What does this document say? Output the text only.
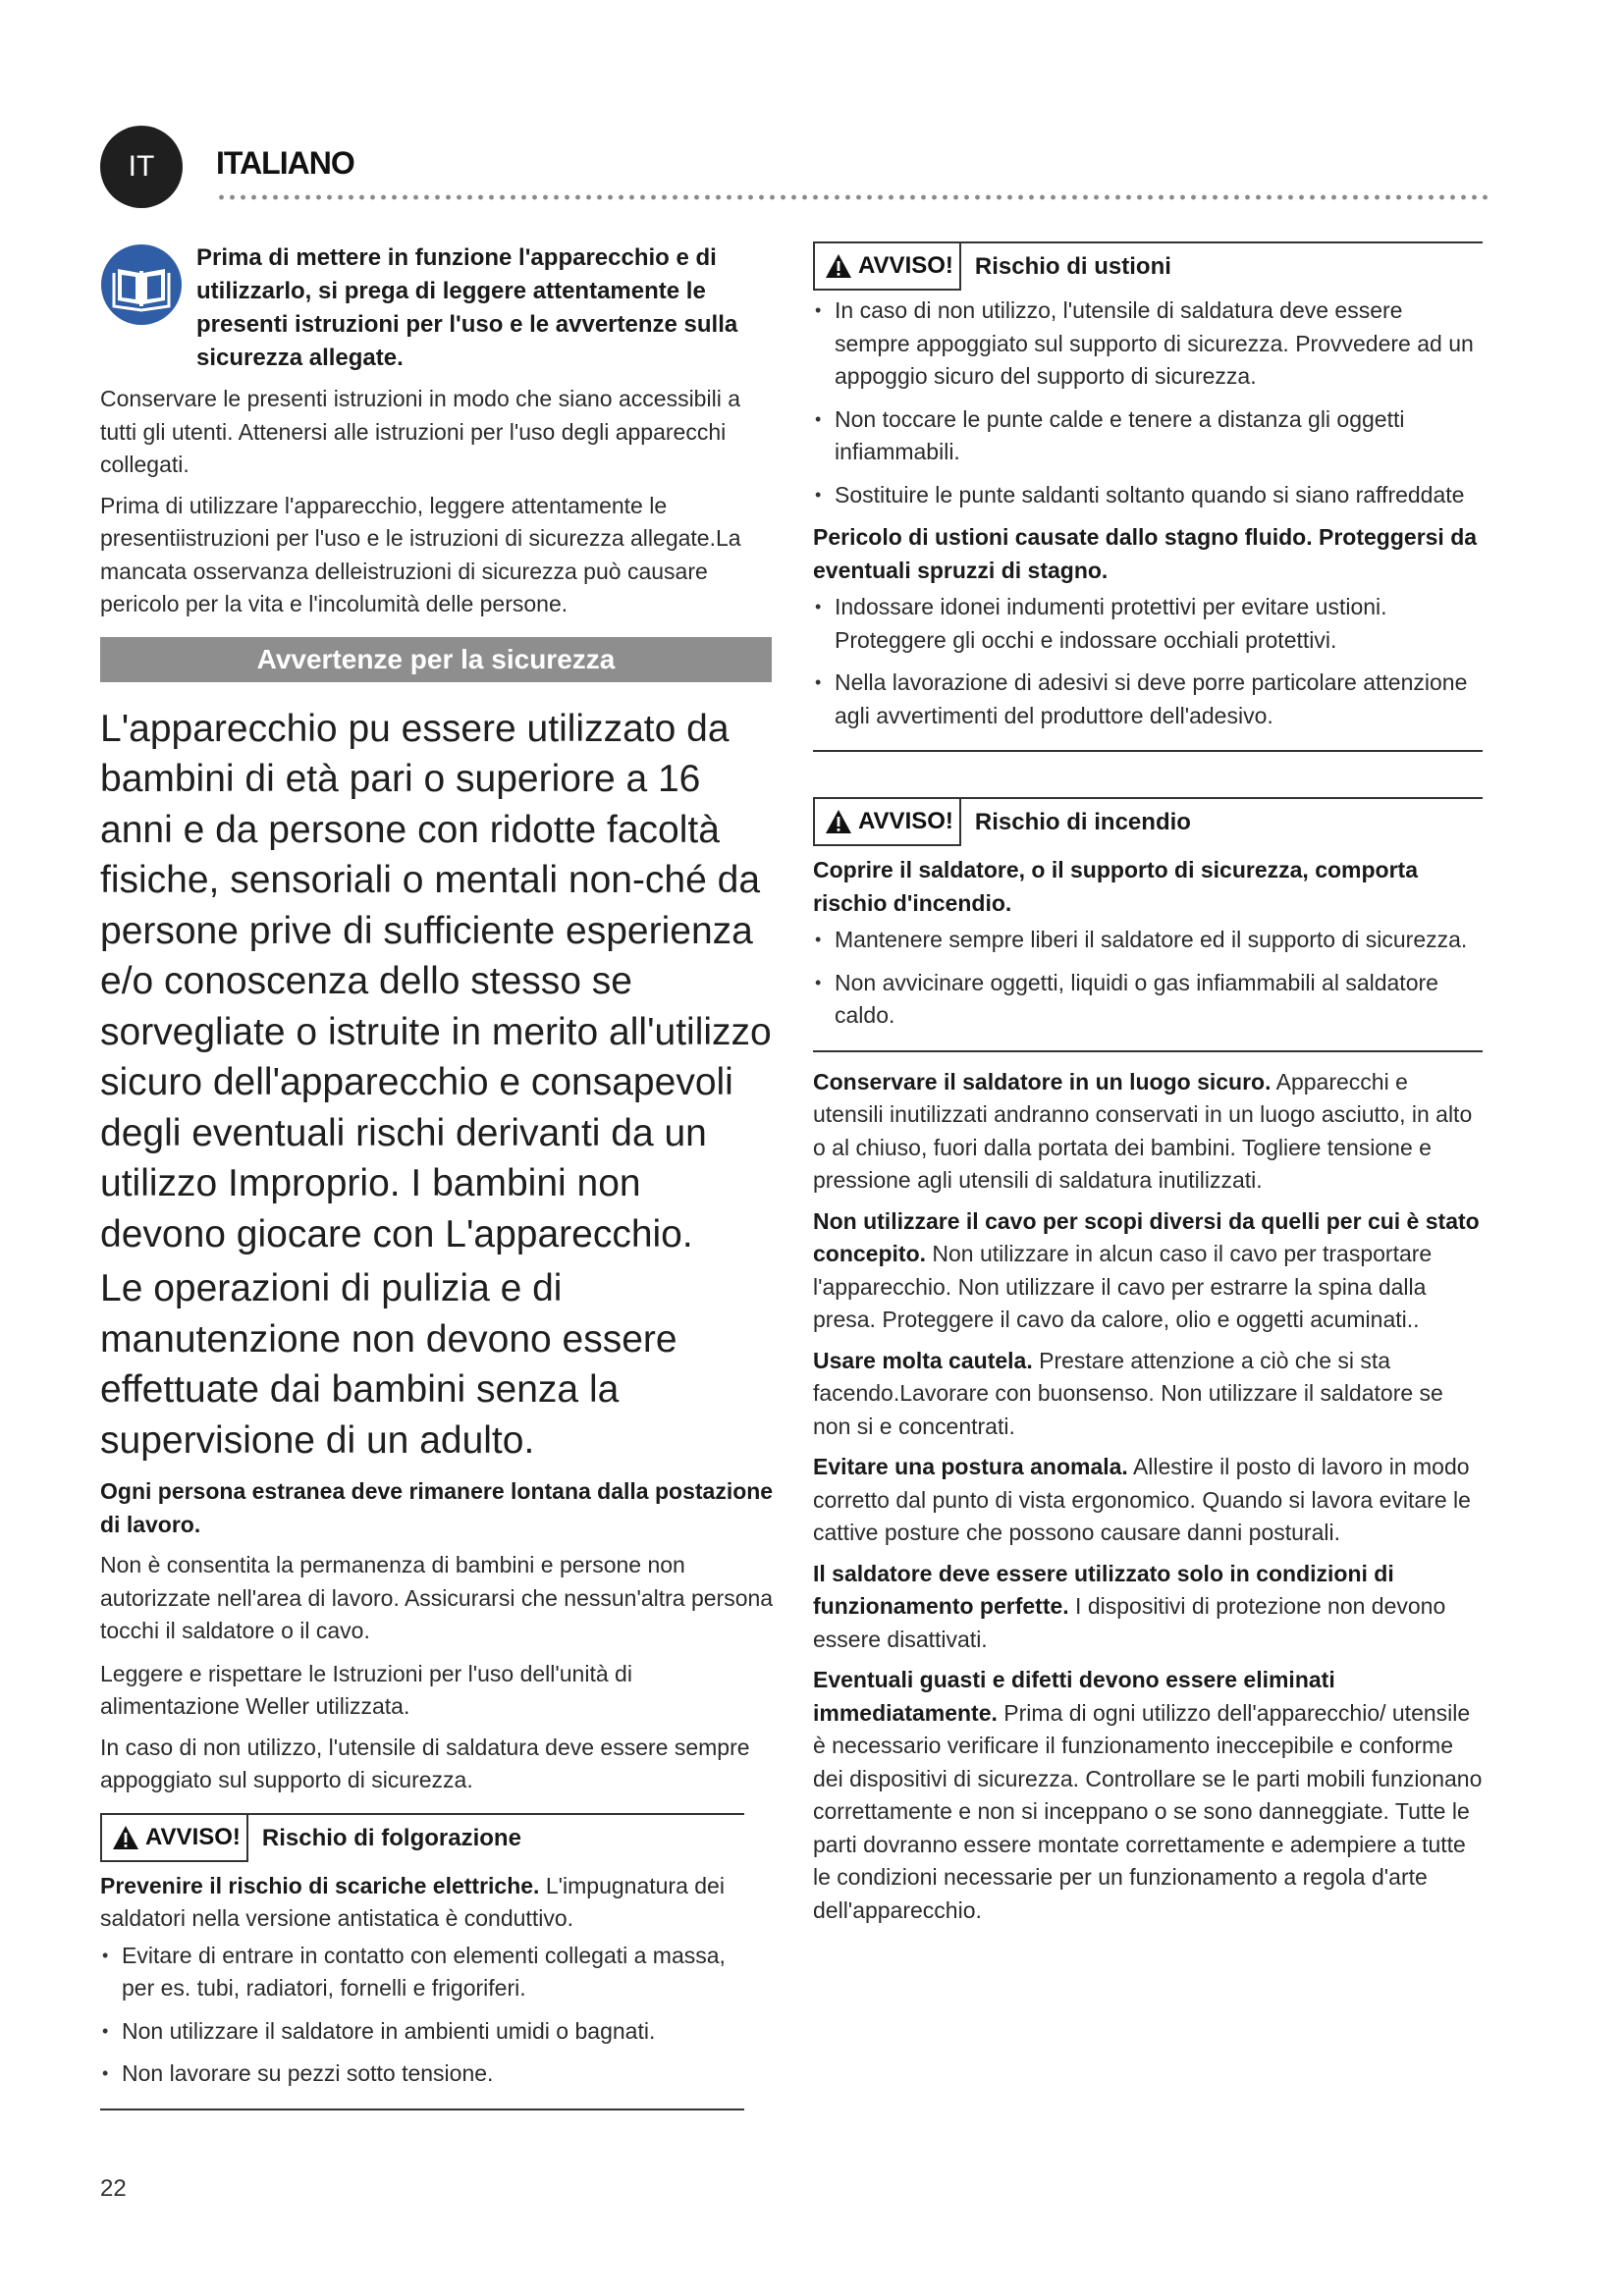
IT	ITALIANO

Prima di mettere in funzione l'apparecchio e di utilizzarlo, si prega di leggere attentamente le presenti istruzioni per l'uso e le avvertenze sulla sicurezza allegate.

Conservare le presenti istruzioni in modo che siano accessibili a tutti gli utenti. Attenersi alle istruzioni per l'uso degli apparecchi collegati.

Prima di utilizzare l'apparecchio, leggere attentamente le presentiistruzioni per l'uso e le istruzioni di sicurezza allegate.La mancata osservanza delleistruzioni di sicurezza può causare pericolo per la vita e l'incolumità delle persone.

Avvertenze per la sicurezza

L'apparecchio pu essere utilizzato da bambini di età pari o superiore a 16 anni e da persone con ridotte facoltà fisiche, sensoriali o mentali non-ché da persone prive di sufficiente esperienza e/o conoscenza dello stesso se sorvegliate o istruite in merito all'utilizzo sicuro dell'apparecchio e consapevoli degli eventuali rischi derivanti da un utilizzo Improprio. I bambini non devono giocare con L'apparecchio.

Le operazioni di pulizia e di manutenzione non devono essere effettuate dai bambini senza la supervisione di un adulto.

Ogni persona estranea deve rimanere lontana dalla postazione di lavoro.

Non è consentita la permanenza di bambini e persone non autorizzate nell'area di lavoro. Assicurarsi che nessun'altra persona tocchi il saldatore o il cavo.

Leggere e rispettare le Istruzioni per l'uso dell'unità di alimentazione Weller utilizzata.

In caso di non utilizzo, l'utensile di saldatura deve essere sempre appoggiato sul supporto di sicurezza.

AVVISO! Rischio di folgorazione

Prevenire il rischio di scariche elettriche. L'impugnatura dei saldatori nella versione antistatica è conduttivo.

• Evitare di entrare in contatto con elementi collegati a massa, per es. tubi, radiatori, fornelli e frigoriferi.
• Non utilizzare il saldatore in ambienti umidi o bagnati.
• Non lavorare su pezzi sotto tensione.
AVVISO! Rischio di ustioni
• In caso di non utilizzo, l'utensile di saldatura deve essere sempre appoggiato sul supporto di sicurezza. Provvedere ad un appoggio sicuro del supporto di sicurezza.
• Non toccare le punte calde e tenere a distanza gli oggetti infiammabili.
• Sostituire le punte saldanti soltanto quando si siano raffreddate

Pericolo di ustioni causate dallo stagno fluido. Proteggersi da eventuali spruzzi di stagno.

• Indossare idonei indumenti protettivi per evitare ustioni. Proteggere gli occhi e indossare occhiali protettivi.
• Nella lavorazione di adesivi si deve porre particolare attenzione agli avvertimenti del produttore dell'adesivo.
AVVISO! Rischio di incendio

Coprire il saldatore, o il supporto di sicurezza, comporta rischio d'incendio.

• Mantenere sempre liberi il saldatore ed il supporto di sicurezza.
• Non avvicinare oggetti, liquidi o gas infiammabili al saldatore caldo.

Conservare il saldatore in un luogo sicuro. Apparecchi e utensili inutilizzati andranno conservati in un luogo asciutto, in alto o al chiuso, fuori dalla portata dei bambini. Togliere tensione e pressione agli utensili di saldatura inutilizzati.

Non utilizzare il cavo per scopi diversi da quelli per cui è stato concepito. Non utilizzare in alcun caso il cavo per trasportare l'apparecchio. Non utilizzare il cavo per estrarre la spina dalla presa. Proteggere il cavo da calore, olio e oggetti acuminati..

Usare molta cautela. Prestare attenzione a ciò che si sta facendo.Lavorare con buonsenso. Non utilizzare il saldatore se non si e concentrati.

Evitare una postura anomala. Allestire il posto di lavoro in modo corretto dal punto di vista ergonomico. Quando si lavora evitare le cattive posture che possono causare danni posturali.

Il saldatore deve essere utilizzato solo in condizioni di funzionamento perfette. I dispositivi di protezione non devono essere disattivati.

Eventuali guasti e difetti devono essere eliminati immediatamente. Prima di ogni utilizzo dell'apparecchio/ utensile è necessario verificare il funzionamento ineccepibile e conforme dei dispositivi di sicurezza. Controllare se le parti mobili funzionano correttamente e non si inceppano o se sono danneggiate. Tutte le parti dovranno essere montate correttamente e adempiere a tutte le condizioni necessarie per un funzionamento a regola d'arte dell'apparecchio.

22
